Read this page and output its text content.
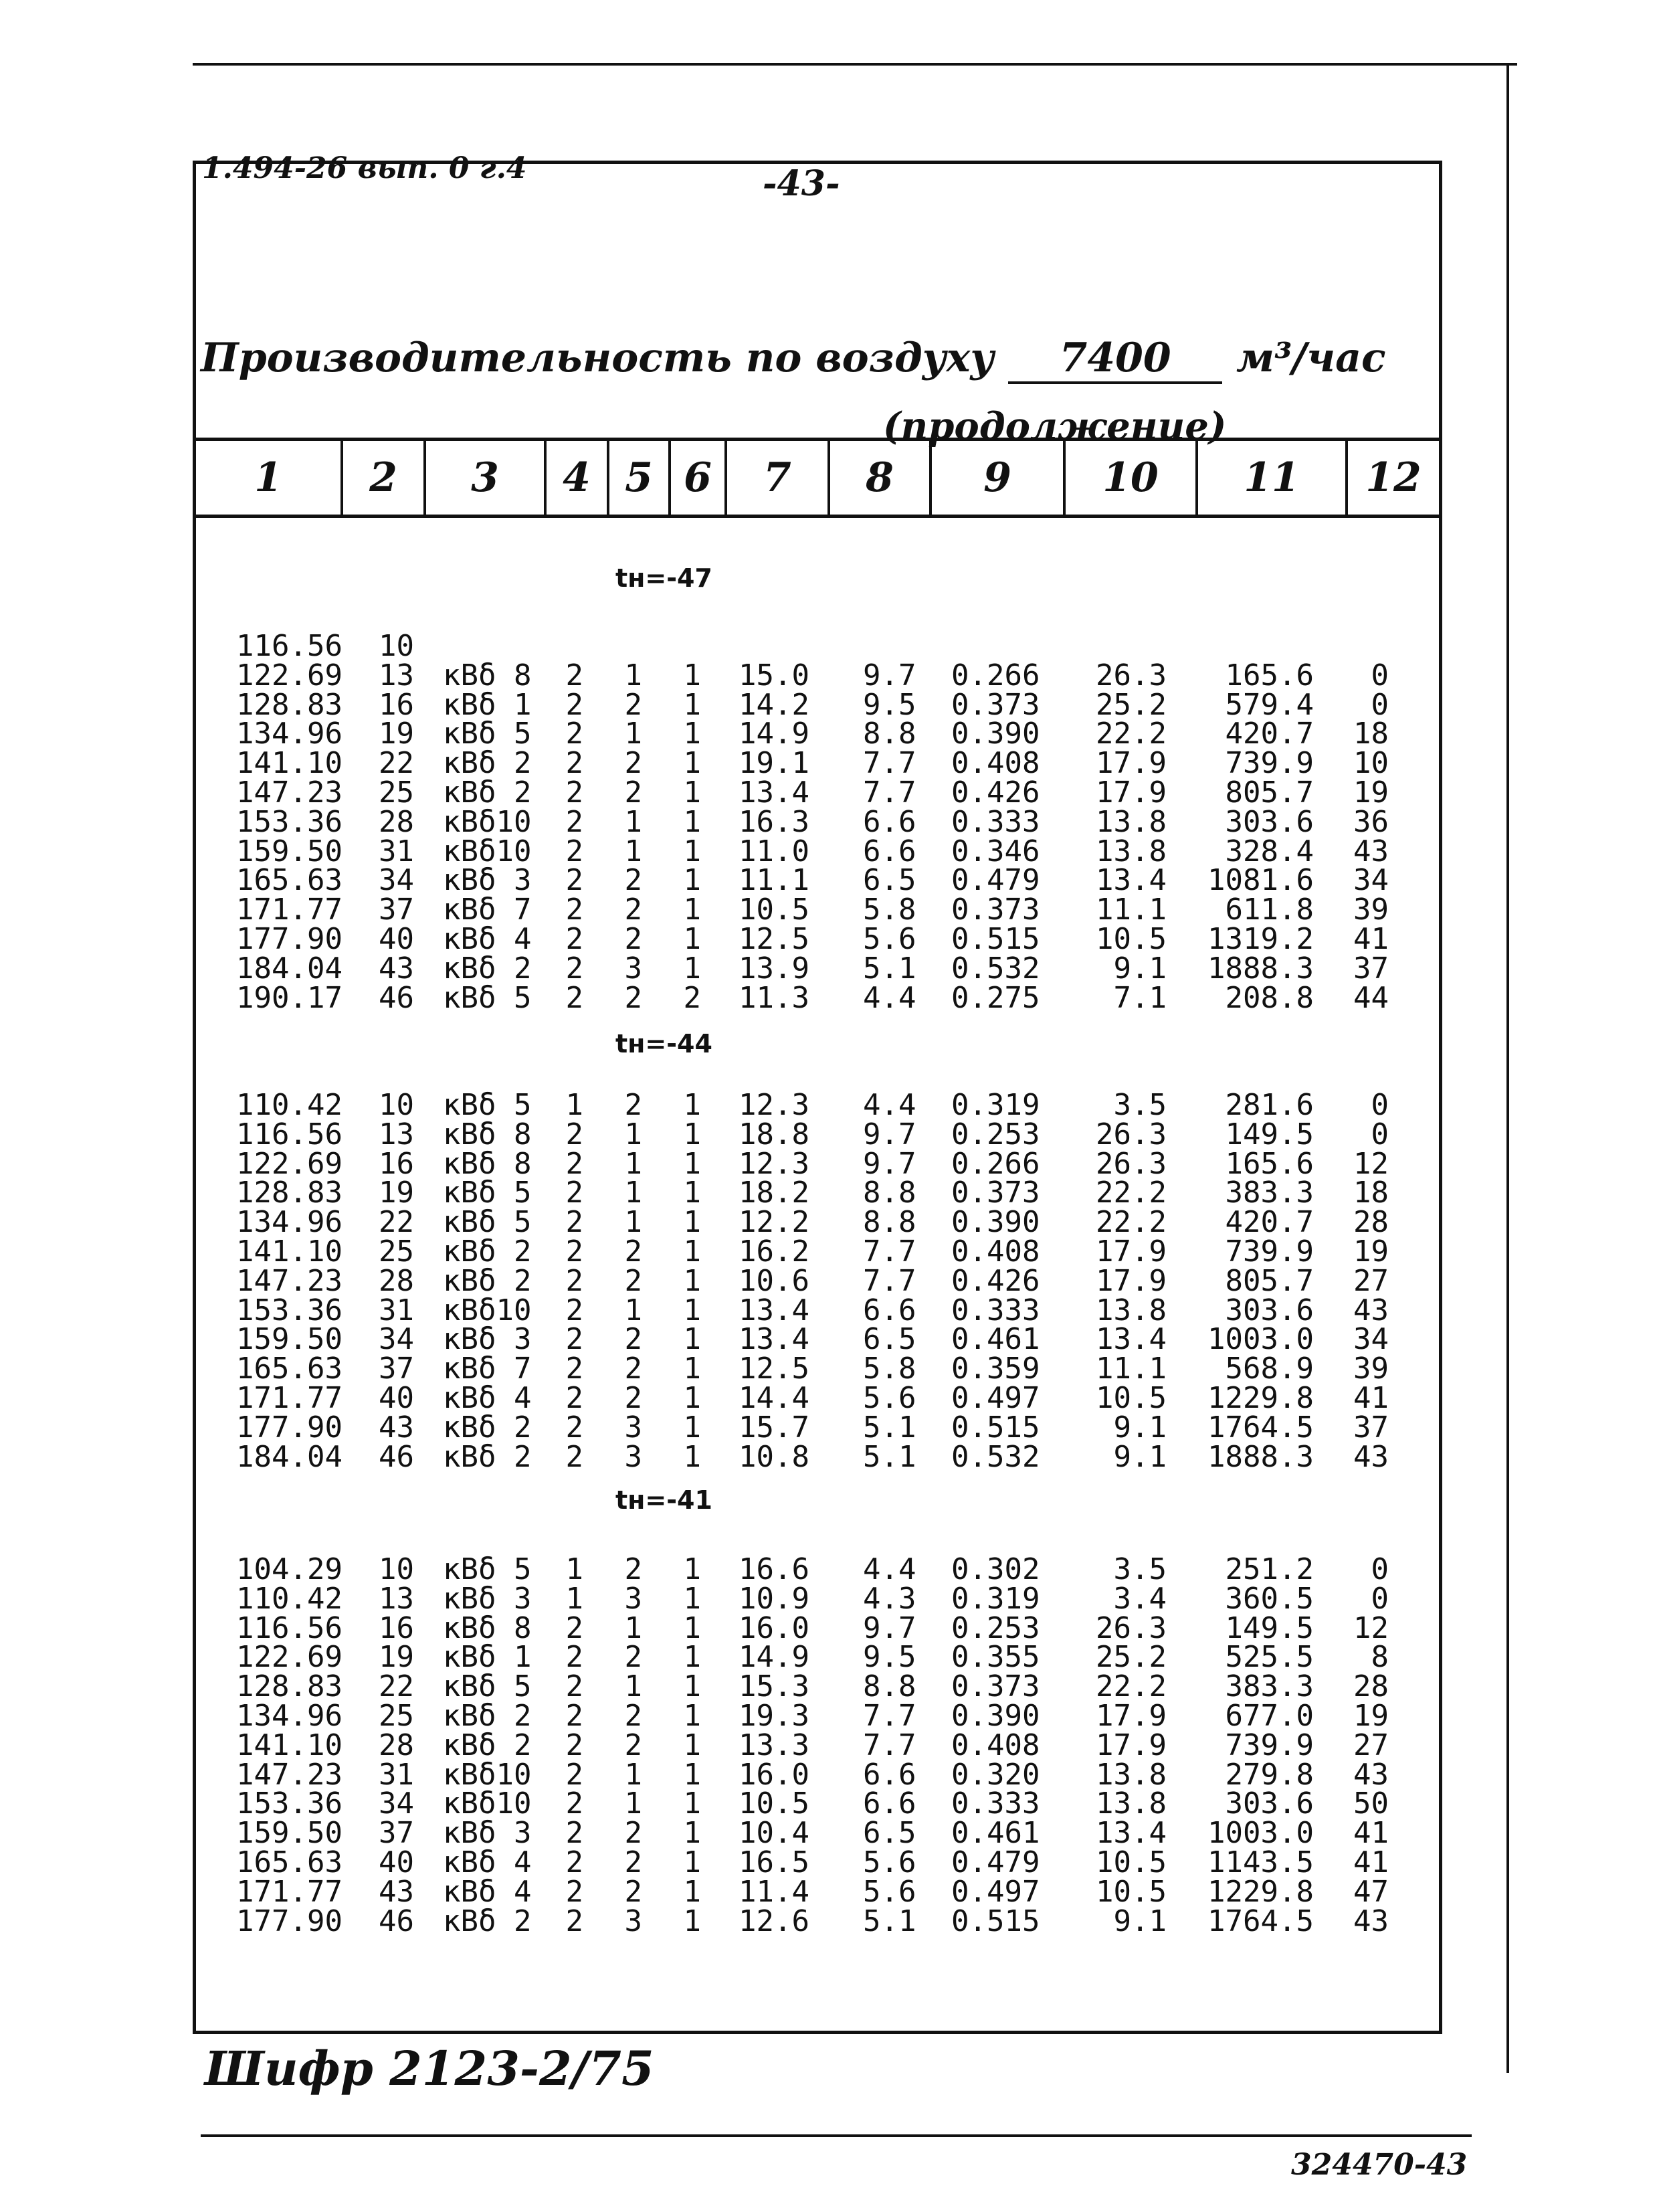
1.494-26 вып. 0 г.4	-43-
Производительность по воздуху 7400 м³/час
(продолжение)
1	2	3	4 5 6	7	8	9	10	11	12
tн=-47
116.56 10
122.69 13 кВδ 8 2 1 1 15.0 9.7 0.266 26.3 165.6 0
128.83 16 кВδ 1 2 2 1 14.2 9.5 0.373 25.2 579.4 0
134.96 19 кВδ 5 2 1 1 14.9 8.8 0.390 22.2 420.7 18
141.10 22 кВδ 2 2 2 1 19.1 7.7 0.408 17.9 739.9 10
147.23 25 кВδ 2 2 2 1 13.4 7.7 0.426 17.9 805.7 19
153.36 28 кВδ10 2 1 1 16.3 6.6 0.333 13.8 303.6 36
159.50 31 кВδ10 2 1 1 11.0 6.6 0.346 13.8 328.4 43
165.63 34 кВδ 3 2 2 1 11.1 6.5 0.479 13.4 1081.6 34
171.77 37 кВδ 7 2 2 1 10.5 5.8 0.373 11.1 611.8 39
177.90 40 кВδ 4 2 2 1 12.5 5.6 0.515 10.5 1319.2 41
184.04 43 кВδ 2 2 3 1 13.9 5.1 0.532	9.1 1888.3 37
190.17 46 кВδ 5 2 2 2 11.3 4.4 0.275	7.1 208.8 44
tн=-44
110.42 10 кВδ 5 1 2 1 12.3 4.4 0.319	3.5 281.6 0
116.56 13 кВδ 8 2 1 1 18.8 9.7 0.253 26.3 149.5 0
122.69 16 кВδ 8 2 1 1 12.3 9.7 0.266 26.3 165.6 12
128.83 19 кВδ 5 2 1 1 18.2 8.8 0.373 22.2 383.3 18
134.96 22 кВδ 5 2 1 1 12.2 8.8 0.390 22.2 420.7 28
141.10 25 кВδ 2 2 2 1 16.2 7.7 0.408 17.9 739.9 19
147.23 28 кВδ 2 2 2 1 10.6 7.7 0.426 17.9 805.7 27
153.36 31 кВδ10 2 1 1 13.4 6.6 0.333 13.8 303.6 43
159.50 34 кВδ 3 2 2 1 13.4 6.5 0.461 13.4 1003.0 34
165.63 37 кВδ 7 2 2 1 12.5 5.8 0.359 11.1 568.9 39
171.77 40 кВδ 4 2 2 1 14.4 5.6 0.497 10.5 1229.8 41
177.90 43 кВδ 2 2 3 1 15.7 5.1 0.515	9.1 1764.5 37
184.04 46 кВδ 2 2 3 1 10.8 5.1 0.532	9.1 1888.3 43
tн=-41
104.29 10 кВδ 5 1 2 1 16.6 4.4 0.302	3.5 251.2 0
110.42 13 кВδ 3 1 3 1 10.9 4.3 0.319	3.4 360.5 0
116.56 16 кВδ 8 2 1 1 16.0 9.7 0.253 26.3 149.5 12
122.69 19 кВδ 1 2 2 1 14.9 9.5 0.355 25.2 525.5 8
128.83 22 кВδ 5 2 1 1 15.3 8.8 0.373 22.2 383.3 28
134.96 25 кВδ 2 2 2 1 19.3 7.7 0.390 17.9 677.0 19
141.10 28 кВδ 2 2 2 1 13.3 7.7 0.408 17.9 739.9 27
147.23 31 кВδ10 2 1 1 16.0 6.6 0.320 13.8 279.8 43
153.36 34 кВδ10 2 1 1 10.5 6.6 0.333 13.8 303.6 50
159.50 37 кВδ 3 2 2 1 10.4 6.5 0.461 13.4 1003.0 41
165.63 40 кВδ 4 2 2 1 16.5 5.6 0.479 10.5 1143.5 41
171.77 43 кВδ 4 2 2 1 11.4 5.6 0.497 10.5 1229.8 47
177.90 46 кВδ 2 2 3 1 12.6 5.1 0.515	9.1 1764.5 43
Шифр 2123-2/75
324470-43
